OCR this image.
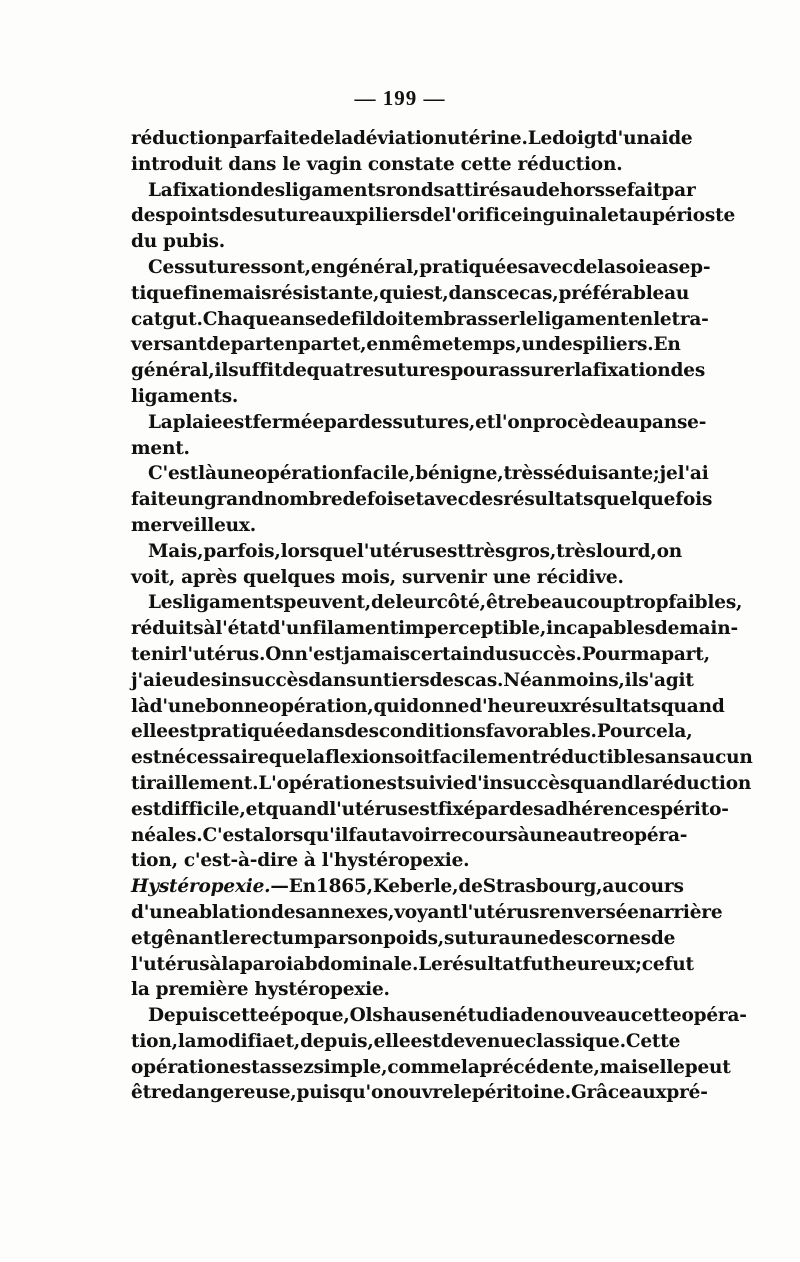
— 199 —
réduction parfaite de la déviation utérine. Le doigt d'un aide
introduit dans le vagin constate cette réduction.
La fixation des ligaments ronds attirés au dehors se fait par
des points de suture aux piliers de l'orifice inguinal et au périoste
du pubis.
Ces sutures sont, en général, pratiquées avec de la soie asep-
tique fine mais résistante, qui est, dans ce cas, préférable au
catgut. Chaque anse de fil doit embrasser le ligament en le tra-
versant de part en part et, en même temps, un des piliers. En
général, il suffit de quatre sutures pour assurer la fixation des
ligaments.
La plaie est fermée par des sutures, et l'on procède au panse-
ment.
C'est là une opération facile, bénigne, très séduisante ; je l'ai
faite un grand nombre de fois et avec des résultats quelquefois
merveilleux.
Mais, parfois, lorsque l'utérus est très gros, très lourd, on
voit, après quelques mois, survenir une récidive.
Les ligaments peuvent, de leur côté, être beaucoup trop faibles,
réduits à l'état d'un filament imperceptible, incapables de main-
tenir l'utérus. On n'est jamais certain du succès. Pour ma part,
j'ai eu des insuccès dans un tiers des cas. Néanmoins, il s'agit
là d'une bonne opération, qui donne d'heureux résultats quand
elle est pratiquée dans des conditions favorables. Pour cela,
est nécessaire que la flexion soit facilement réductible sans aucun
tiraillement. L'opération est suivie d'insuccès quand la réduction
est difficile, et quand l'utérus est fixé par des adhérences périto-
néales. C'est alors qu'il faut avoir recours à une autre opéra-
tion, c'est-à-dire à l'hystéropexie.
Hystéropexie. — En 1865, Keberle, de Strasbourg, au cours
d'une ablation des annexes, voyant l'utérus renversé en arrière
et gênant le rectum par son poids, sutura une des cornes de
l'utérus à la paroi abdominale. Le résultat fut heureux ; ce fut
la première hystéropexie.
Depuis cette époque, Olshausen étudia de nouveau cette opéra-
tion, la modifia et, depuis, elle est devenue classique. Cette
opération est assez simple, comme la précédente, mais elle peut
être dangereuse, puisqu'on ouvre le péritoine. Grâce aux pré-
